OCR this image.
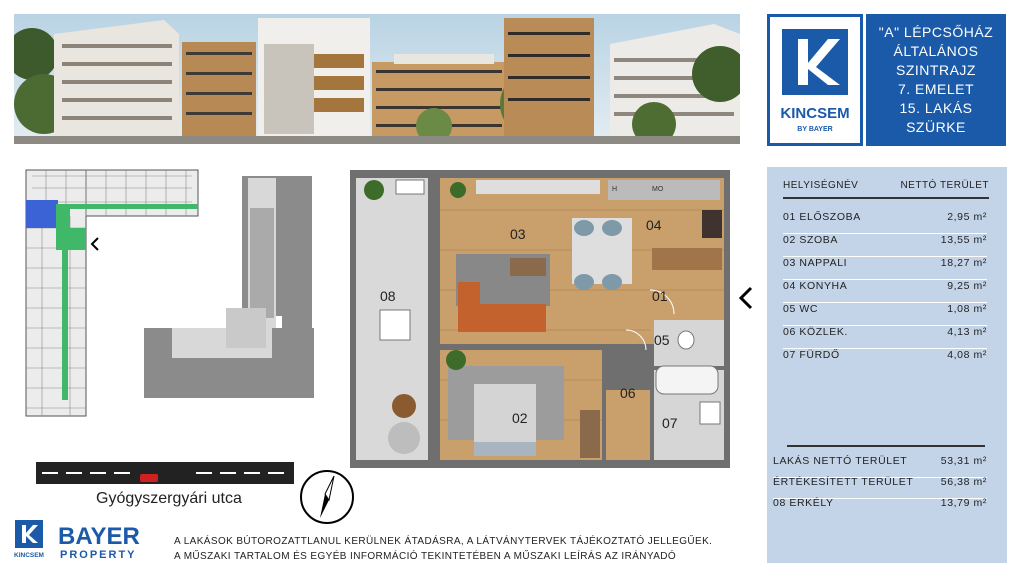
KINCSEM
BY BAYER
"A" LÉPCSŐHÁZ
ÁLTALÁNOS
SZINTRAJZ
7. EMELET
15. LAKÁS
SZÜRKE
HELYISÉGNÉV	NETTÓ TERÜLET
01 ELŐSZOBA	2,95 m²
02 SZOBA	13,55 m²
03 NAPPALI	18,27 m²
04 KONYHA	9,25 m²
05 WC	1,08 m²
06 KÖZLEK.	4,13 m²
07 FÜRDŐ	4,08 m²
LAKÁS NETTÓ TERÜLET	53,31 m²
ÉRTÉKESÍTETT TERÜLET	56,38 m²
08 ERKÉLY	13,79 m²
03
04
01
08
05
06
07
02
H	MO
Gyógyszergyári utca
KINCSEM
BAYER
PROPERTY
A LAKÁSOK BÚTOROZATTLANUL KERÜLNEK ÁTADÁSRA, A LÁTVÁNYTERVEK TÁJÉKOZTATÓ JELLEGŰEK.
A MŰSZAKI TARTALOM ÉS EGYÉB INFORMÁCIÓ TEKINTETÉBEN A MŰSZAKI LEÍRÁS AZ IRÁNYADÓ
